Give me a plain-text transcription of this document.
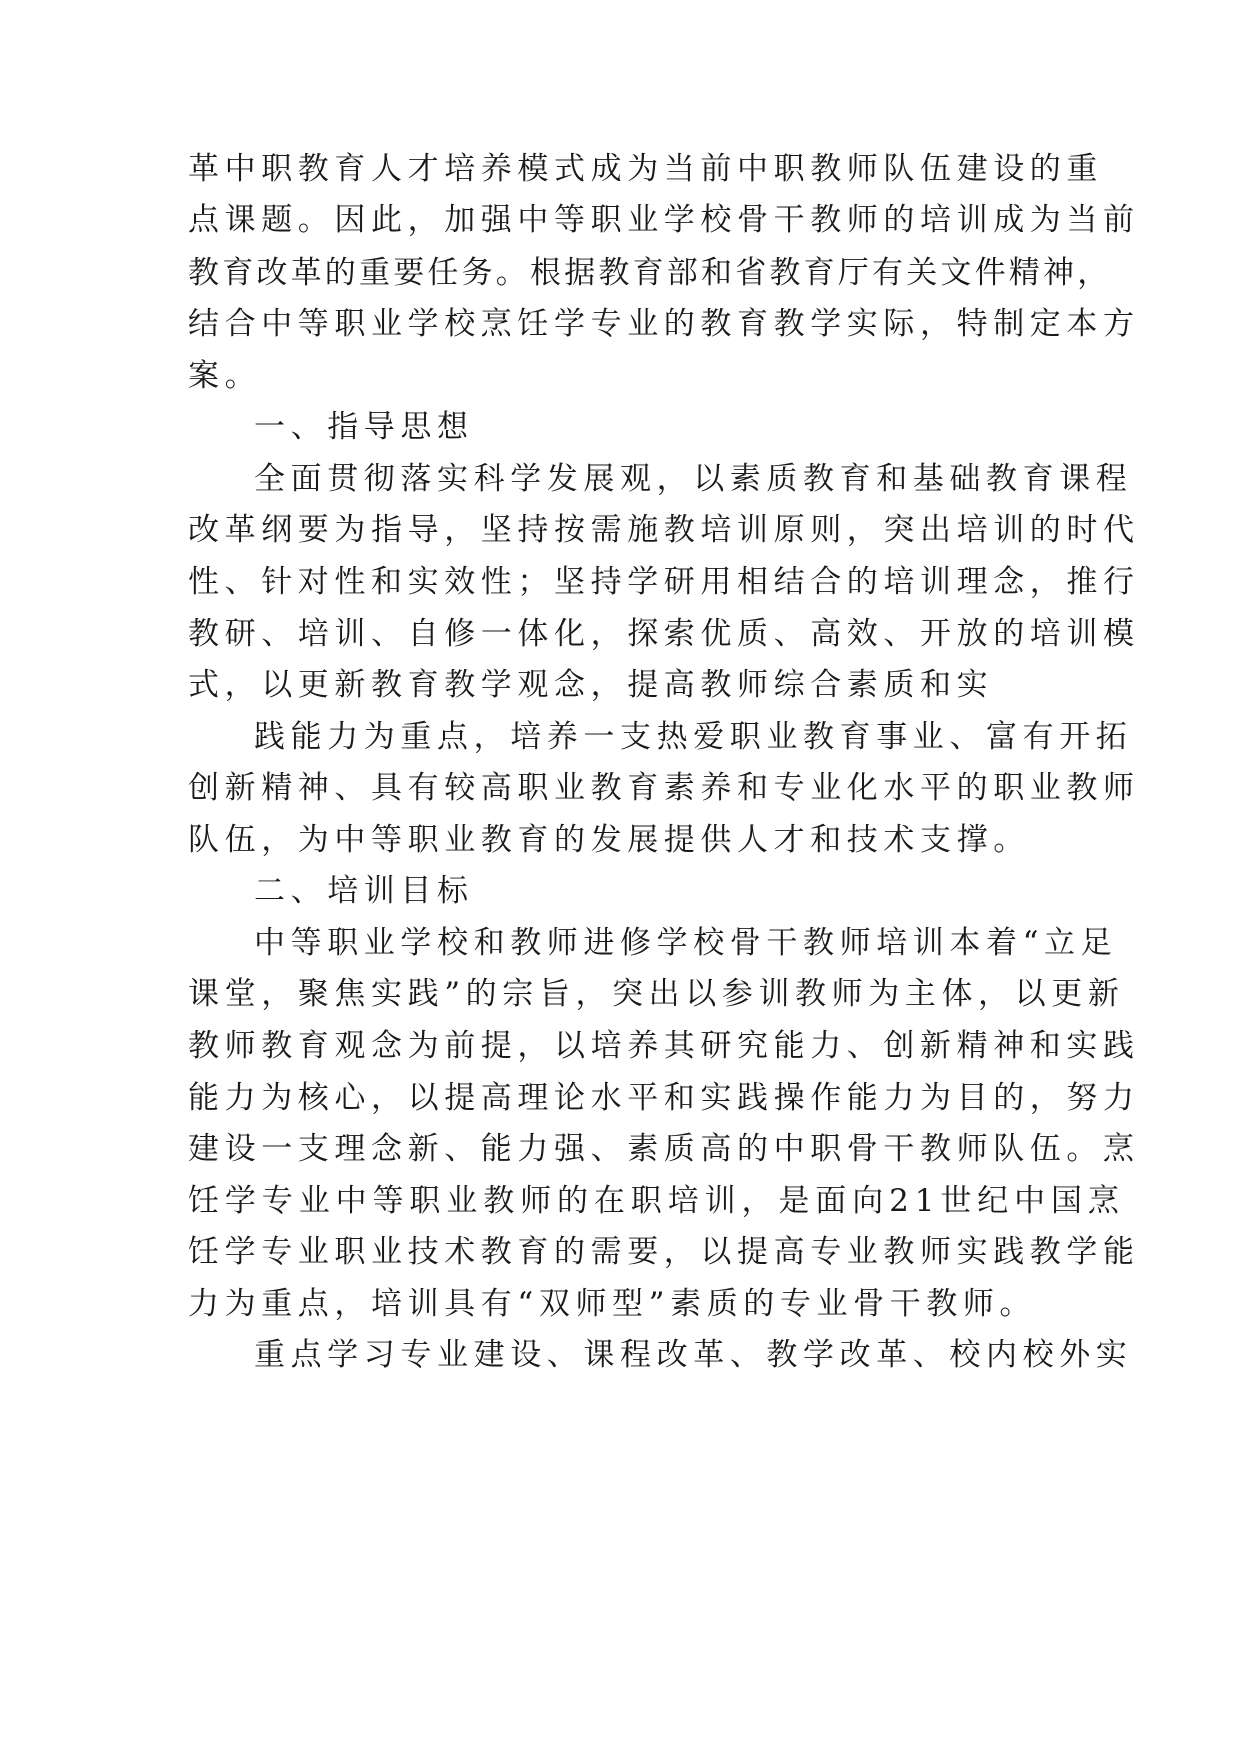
革中职教育人才培养模式成为当前中职教师队伍建设的重
点课题。因此，加强中等职业学校骨干教师的培训成为当前
教育改革的重要任务。根据教育部和省教育厅有关文件精神，
结合中等职业学校烹饪学专业的教育教学实际，特制定本方
案。
一、指导思想
全面贯彻落实科学发展观，以素质教育和基础教育课程
改革纲要为指导，坚持按需施教培训原则，突出培训的时代
性、针对性和实效性；坚持学研用相结合的培训理念，推行
教研、培训、自修一体化，探索优质、高效、开放的培训模
式，以更新教育教学观念，提高教师综合素质和实
践能力为重点，培养一支热爱职业教育事业、富有开拓
创新精神、具有较高职业教育素养和专业化水平的职业教师
队伍，为中等职业教育的发展提供人才和技术支撑。
二、培训目标
中等职业学校和教师进修学校骨干教师培训本着“立足
课堂，聚焦实践”的宗旨，突出以参训教师为主体，以更新
教师教育观念为前提，以培养其研究能力、创新精神和实践
能力为核心，以提高理论水平和实践操作能力为目的，努力
建设一支理念新、能力强、素质高的中职骨干教师队伍。烹
饪学专业中等职业教师的在职培训，是面向21世纪中国烹
饪学专业职业技术教育的需要，以提高专业教师实践教学能
力为重点，培训具有“双师型”素质的专业骨干教师。
重点学习专业建设、课程改革、教学改革、校内校外实
